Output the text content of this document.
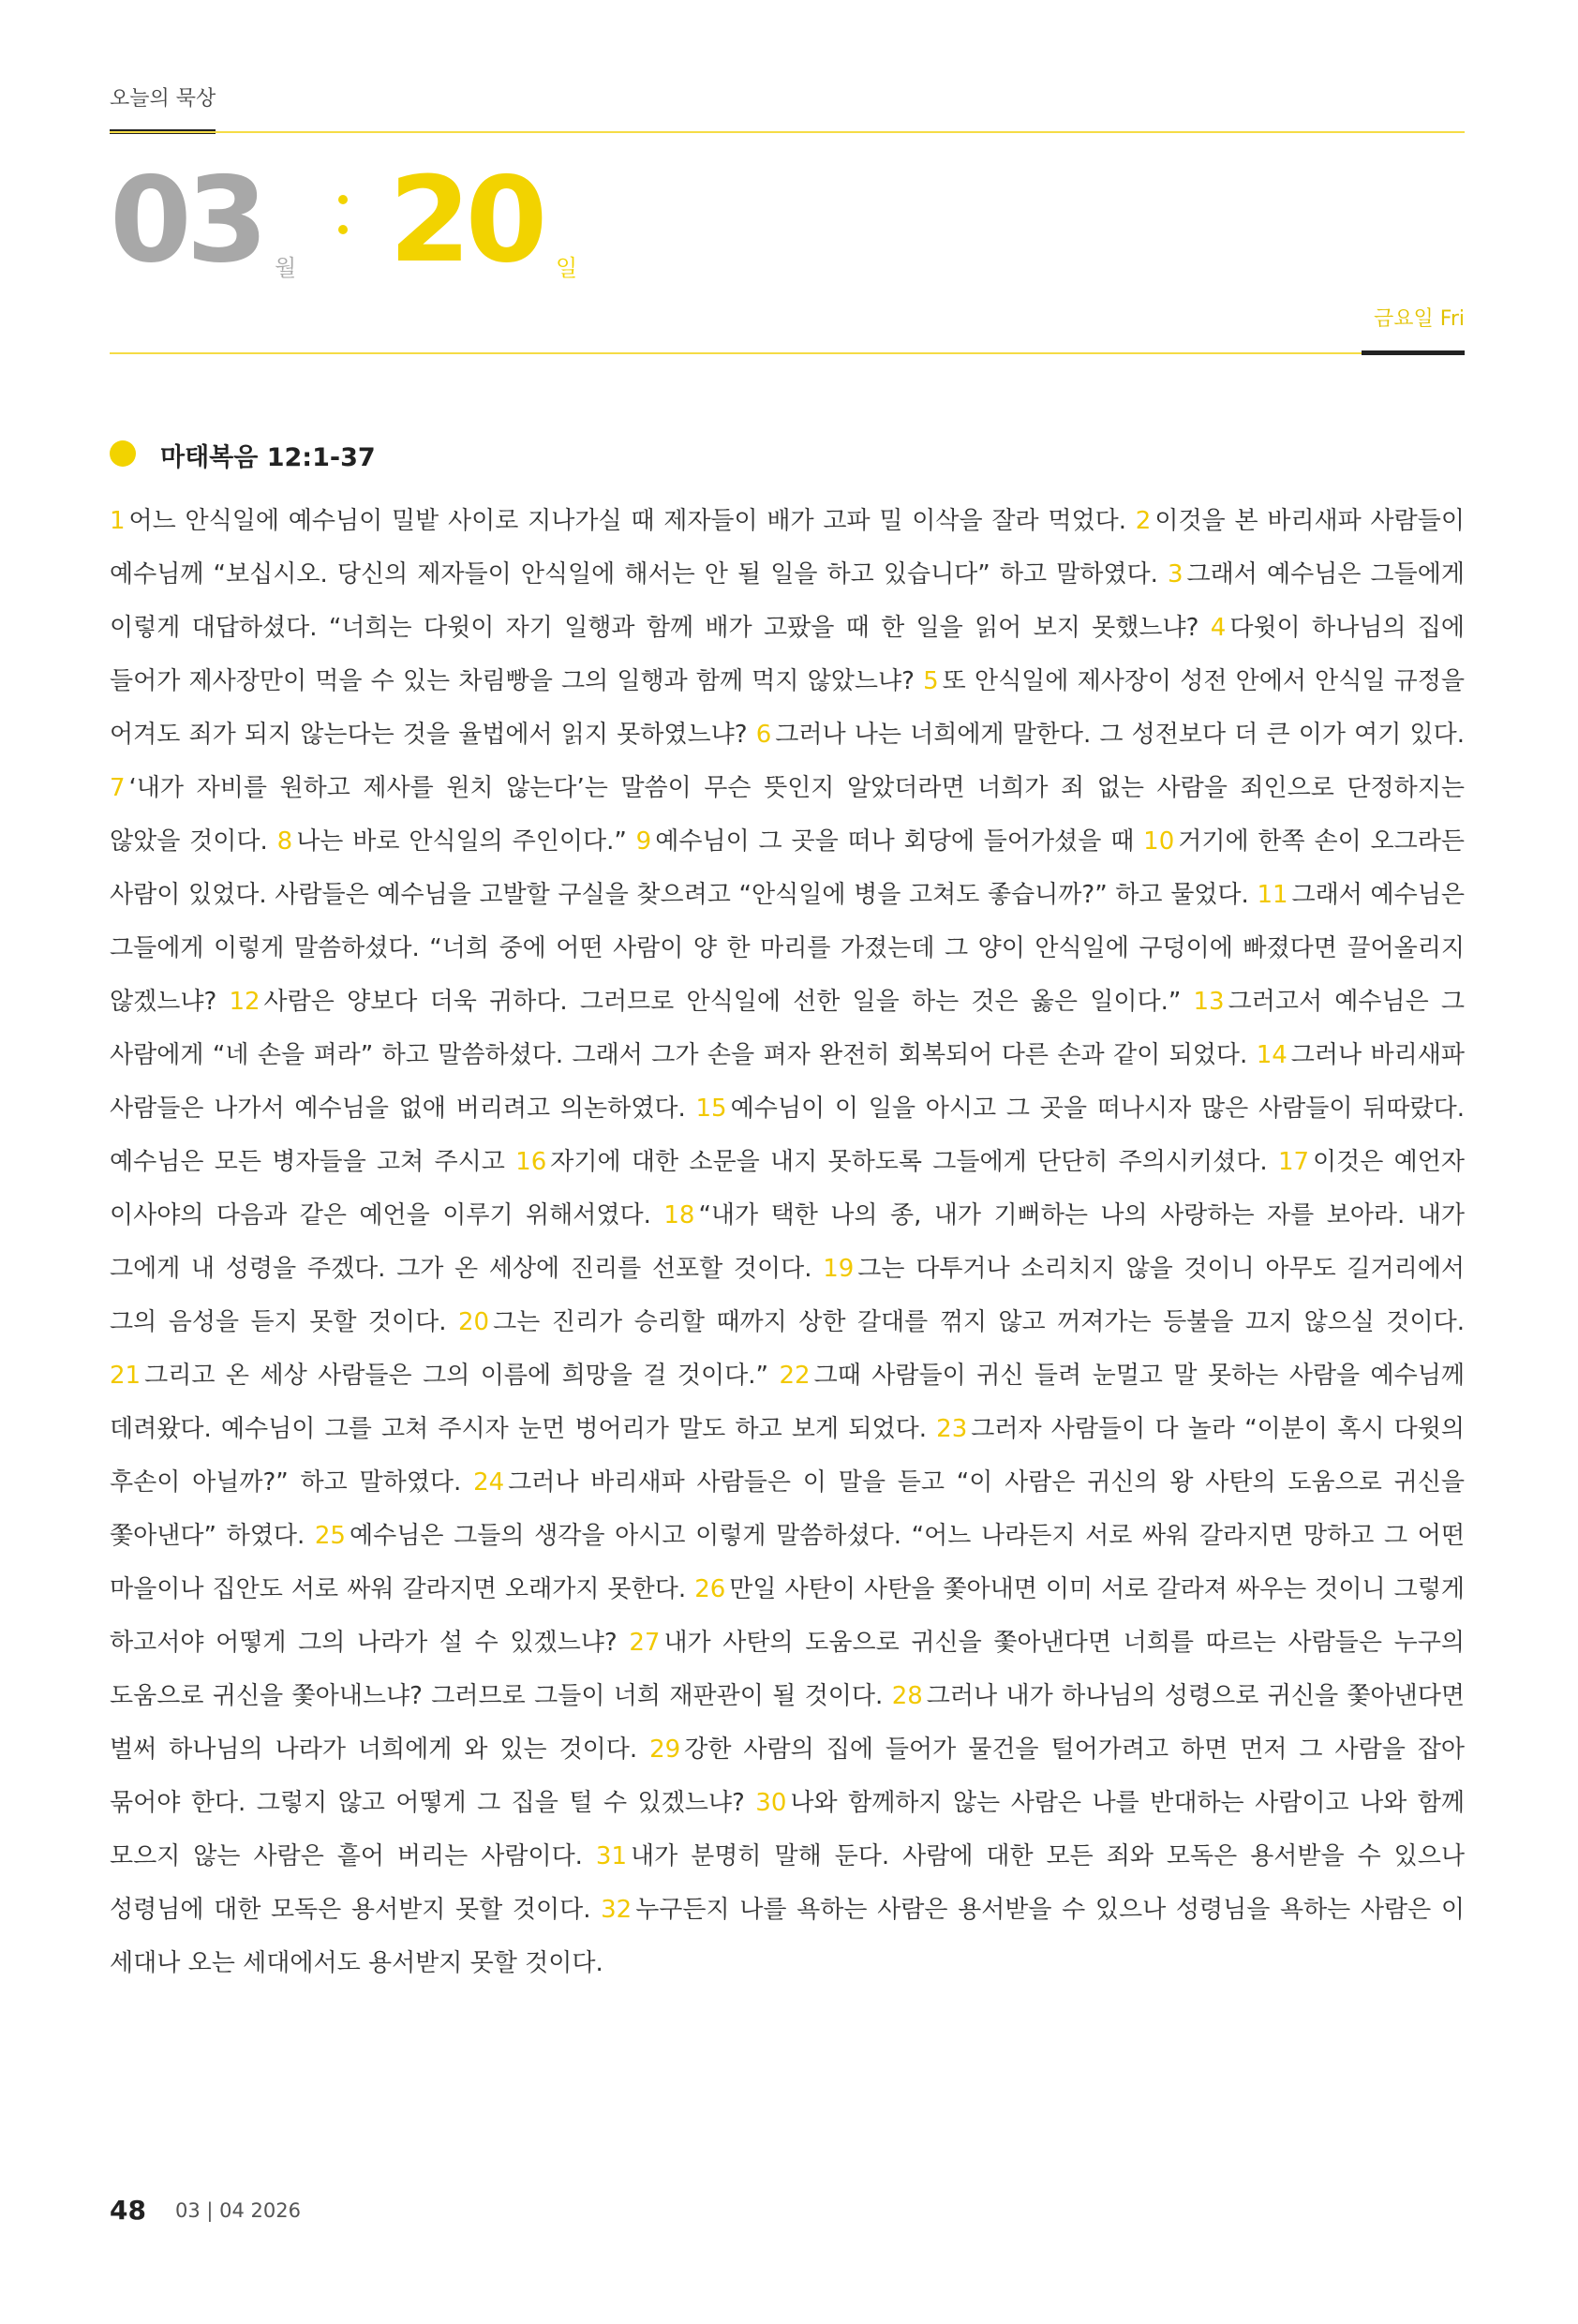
오늘의 묵상
03 월 20 일
금요일 Fri
마태복음 12:1-37
1 어느 안식일에 예수님이 밀밭 사이로 지나가실 때 제자들이 배가 고파 밀 이삭을 잘라 먹었다. 2 이것을 본 바리새파 사람들이 예수님께 “보십시오. 당신의 제자들이 안식일에 해서는 안 될 일을 하고 있습니다” 하고 말하였다. 3 그래서 예수님은 그들에게 이렇게 대답하셨다. “너희는 다윗이 자기 일행과 함께 배가 고팠을 때 한 일을 읽어 보지 못했느냐? 4 다윗이 하나님의 집에 들어가 제사장만이 먹을 수 있는 차림빵을 그의 일행과 함께 먹지 않았느냐? 5 또 안식일에 제사장이 성전 안에서 안식일 규정을 어겨도 죄가 되지 않는다는 것을 율법에서 읽지 못하였느냐? 6 그러나 나는 너희에게 말한다. 그 성전보다 더 큰 이가 여기 있다. 7 ‘내가 자비를 원하고 제사를 원치 않는다’는 말씀이 무슨 뜻인지 알았더라면 너희가 죄 없는 사람을 죄인으로 단정하지는 않았을 것이다. 8 나는 바로 안식일의 주인이다.” 9 예수님이 그 곳을 떠나 회당에 들어가셨을 때 10 거기에 한쪽 손이 오그라든 사람이 있었다. 사람들은 예수님을 고발할 구실을 찾으려고 “안식일에 병을 고쳐도 좋습니까?” 하고 물었다. 11 그래서 예수님은 그들에게 이렇게 말씀하셨다. “너희 중에 어떤 사람이 양 한 마리를 가졌는데 그 양이 안식일에 구덩이에 빠졌다면 끌어올리지 않겠느냐? 12 사람은 양보다 더욱 귀하다. 그러므로 안식일에 선한 일을 하는 것은 옳은 일이다.” 13 그러고서 예수님은 그 사람에게 “네 손을 펴라” 하고 말씀하셨다. 그래서 그가 손을 펴자 완전히 회복되어 다른 손과 같이 되었다. 14 그러나 바리새파 사람들은 나가서 예수님을 없애 버리려고 의논하였다. 15 예수님이 이 일을 아시고 그 곳을 떠나시자 많은 사람들이 뒤따랐다. 예수님은 모든 병자들을 고쳐 주시고 16 자기에 대한 소문을 내지 못하도록 그들에게 단단히 주의시키셨다. 17 이것은 예언자 이사야의 다음과 같은 예언을 이루기 위해서였다. 18 “내가 택한 나의 종, 내가 기뻐하는 나의 사랑하는 자를 보아라. 내가 그에게 내 성령을 주겠다. 그가 온 세상에 진리를 선포할 것이다. 19 그는 다투거나 소리치지 않을 것이니 아무도 길거리에서 그의 음성을 듣지 못할 것이다. 20 그는 진리가 승리할 때까지 상한 갈대를 꺾지 않고 꺼져가는 등불을 끄지 않으실 것이다. 21 그리고 온 세상 사람들은 그의 이름에 희망을 걸 것이다.” 22 그때 사람들이 귀신 들려 눈멀고 말 못하는 사람을 예수님께 데려왔다. 예수님이 그를 고쳐 주시자 눈먼 벙어리가 말도 하고 보게 되었다. 23 그러자 사람들이 다 놀라 “이분이 혹시 다윗의 후손이 아닐까?” 하고 말하였다. 24 그러나 바리새파 사람들은 이 말을 듣고 “이 사람은 귀신의 왕 사탄의 도움으로 귀신을 쫓아낸다” 하였다. 25 예수님은 그들의 생각을 아시고 이렇게 말씀하셨다. “어느 나라든지 서로 싸워 갈라지면 망하고 그 어떤 마을이나 집안도 서로 싸워 갈라지면 오래가지 못한다. 26 만일 사탄이 사탄을 쫓아내면 이미 서로 갈라져 싸우는 것이니 그렇게 하고서야 어떻게 그의 나라가 설 수 있겠느냐? 27 내가 사탄의 도움으로 귀신을 쫓아낸다면 너희를 따르는 사람들은 누구의 도움으로 귀신을 쫓아내느냐? 그러므로 그들이 너희 재판관이 될 것이다. 28 그러나 내가 하나님의 성령으로 귀신을 쫓아낸다면 벌써 하나님의 나라가 너희에게 와 있는 것이다. 29 강한 사람의 집에 들어가 물건을 털어가려고 하면 먼저 그 사람을 잡아 묶어야 한다. 그렇지 않고 어떻게 그 집을 털 수 있겠느냐? 30 나와 함께하지 않는 사람은 나를 반대하는 사람이고 나와 함께 모으지 않는 사람은 흩어 버리는 사람이다. 31 내가 분명히 말해 둔다. 사람에 대한 모든 죄와 모독은 용서받을 수 있으나 성령님에 대한 모독은 용서받지 못할 것이다. 32 누구든지 나를 욕하는 사람은 용서받을 수 있으나 성령님을 욕하는 사람은 이 세대나 오는 세대에서도 용서받지 못할 것이다.
48 03 | 04 2026
